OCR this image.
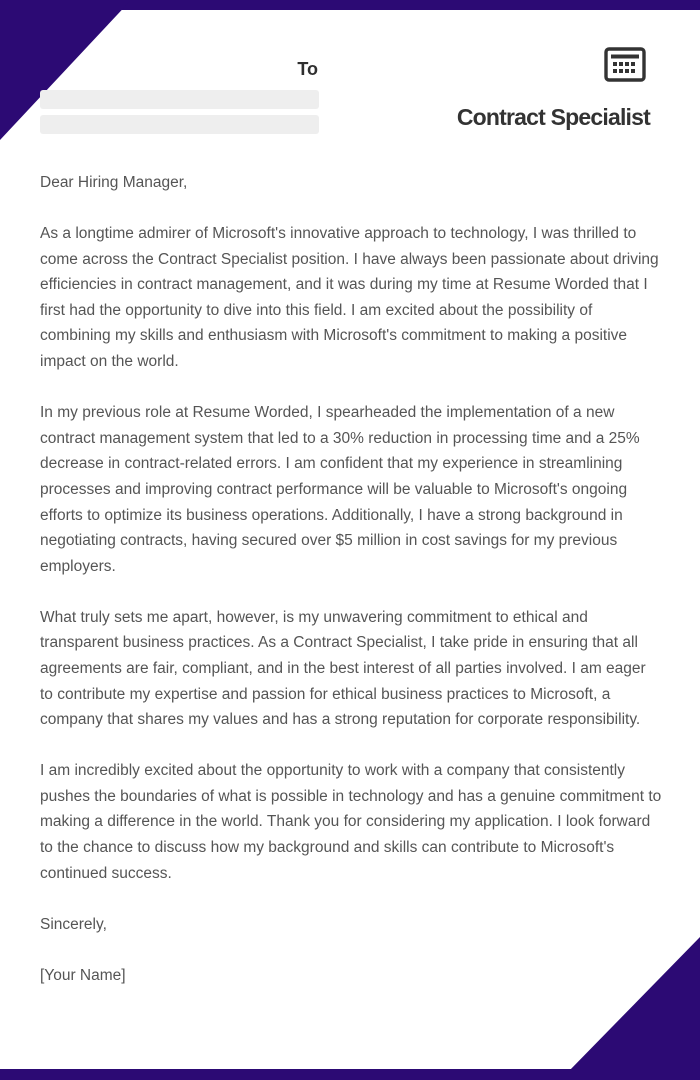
To
Contract Specialist

Dear Hiring Manager,

As a longtime admirer of Microsoft's innovative approach to technology, I was thrilled to come across the Contract Specialist position. I have always been passionate about driving efficiencies in contract management, and it was during my time at Resume Worded that I first had the opportunity to dive into this field. I am excited about the possibility of combining my skills and enthusiasm with Microsoft's commitment to making a positive impact on the world.

In my previous role at Resume Worded, I spearheaded the implementation of a new contract management system that led to a 30% reduction in processing time and a 25% decrease in contract-related errors. I am confident that my experience in streamlining processes and improving contract performance will be valuable to Microsoft's ongoing efforts to optimize its business operations. Additionally, I have a strong background in negotiating contracts, having secured over $5 million in cost savings for my previous employers.

What truly sets me apart, however, is my unwavering commitment to ethical and transparent business practices. As a Contract Specialist, I take pride in ensuring that all agreements are fair, compliant, and in the best interest of all parties involved. I am eager to contribute my expertise and passion for ethical business practices to Microsoft, a company that shares my values and has a strong reputation for corporate responsibility.

I am incredibly excited about the opportunity to work with a company that consistently pushes the boundaries of what is possible in technology and has a genuine commitment to making a difference in the world. Thank you for considering my application. I look forward to the chance to discuss how my background and skills can contribute to Microsoft's continued success.

Sincerely,

[Your Name]
